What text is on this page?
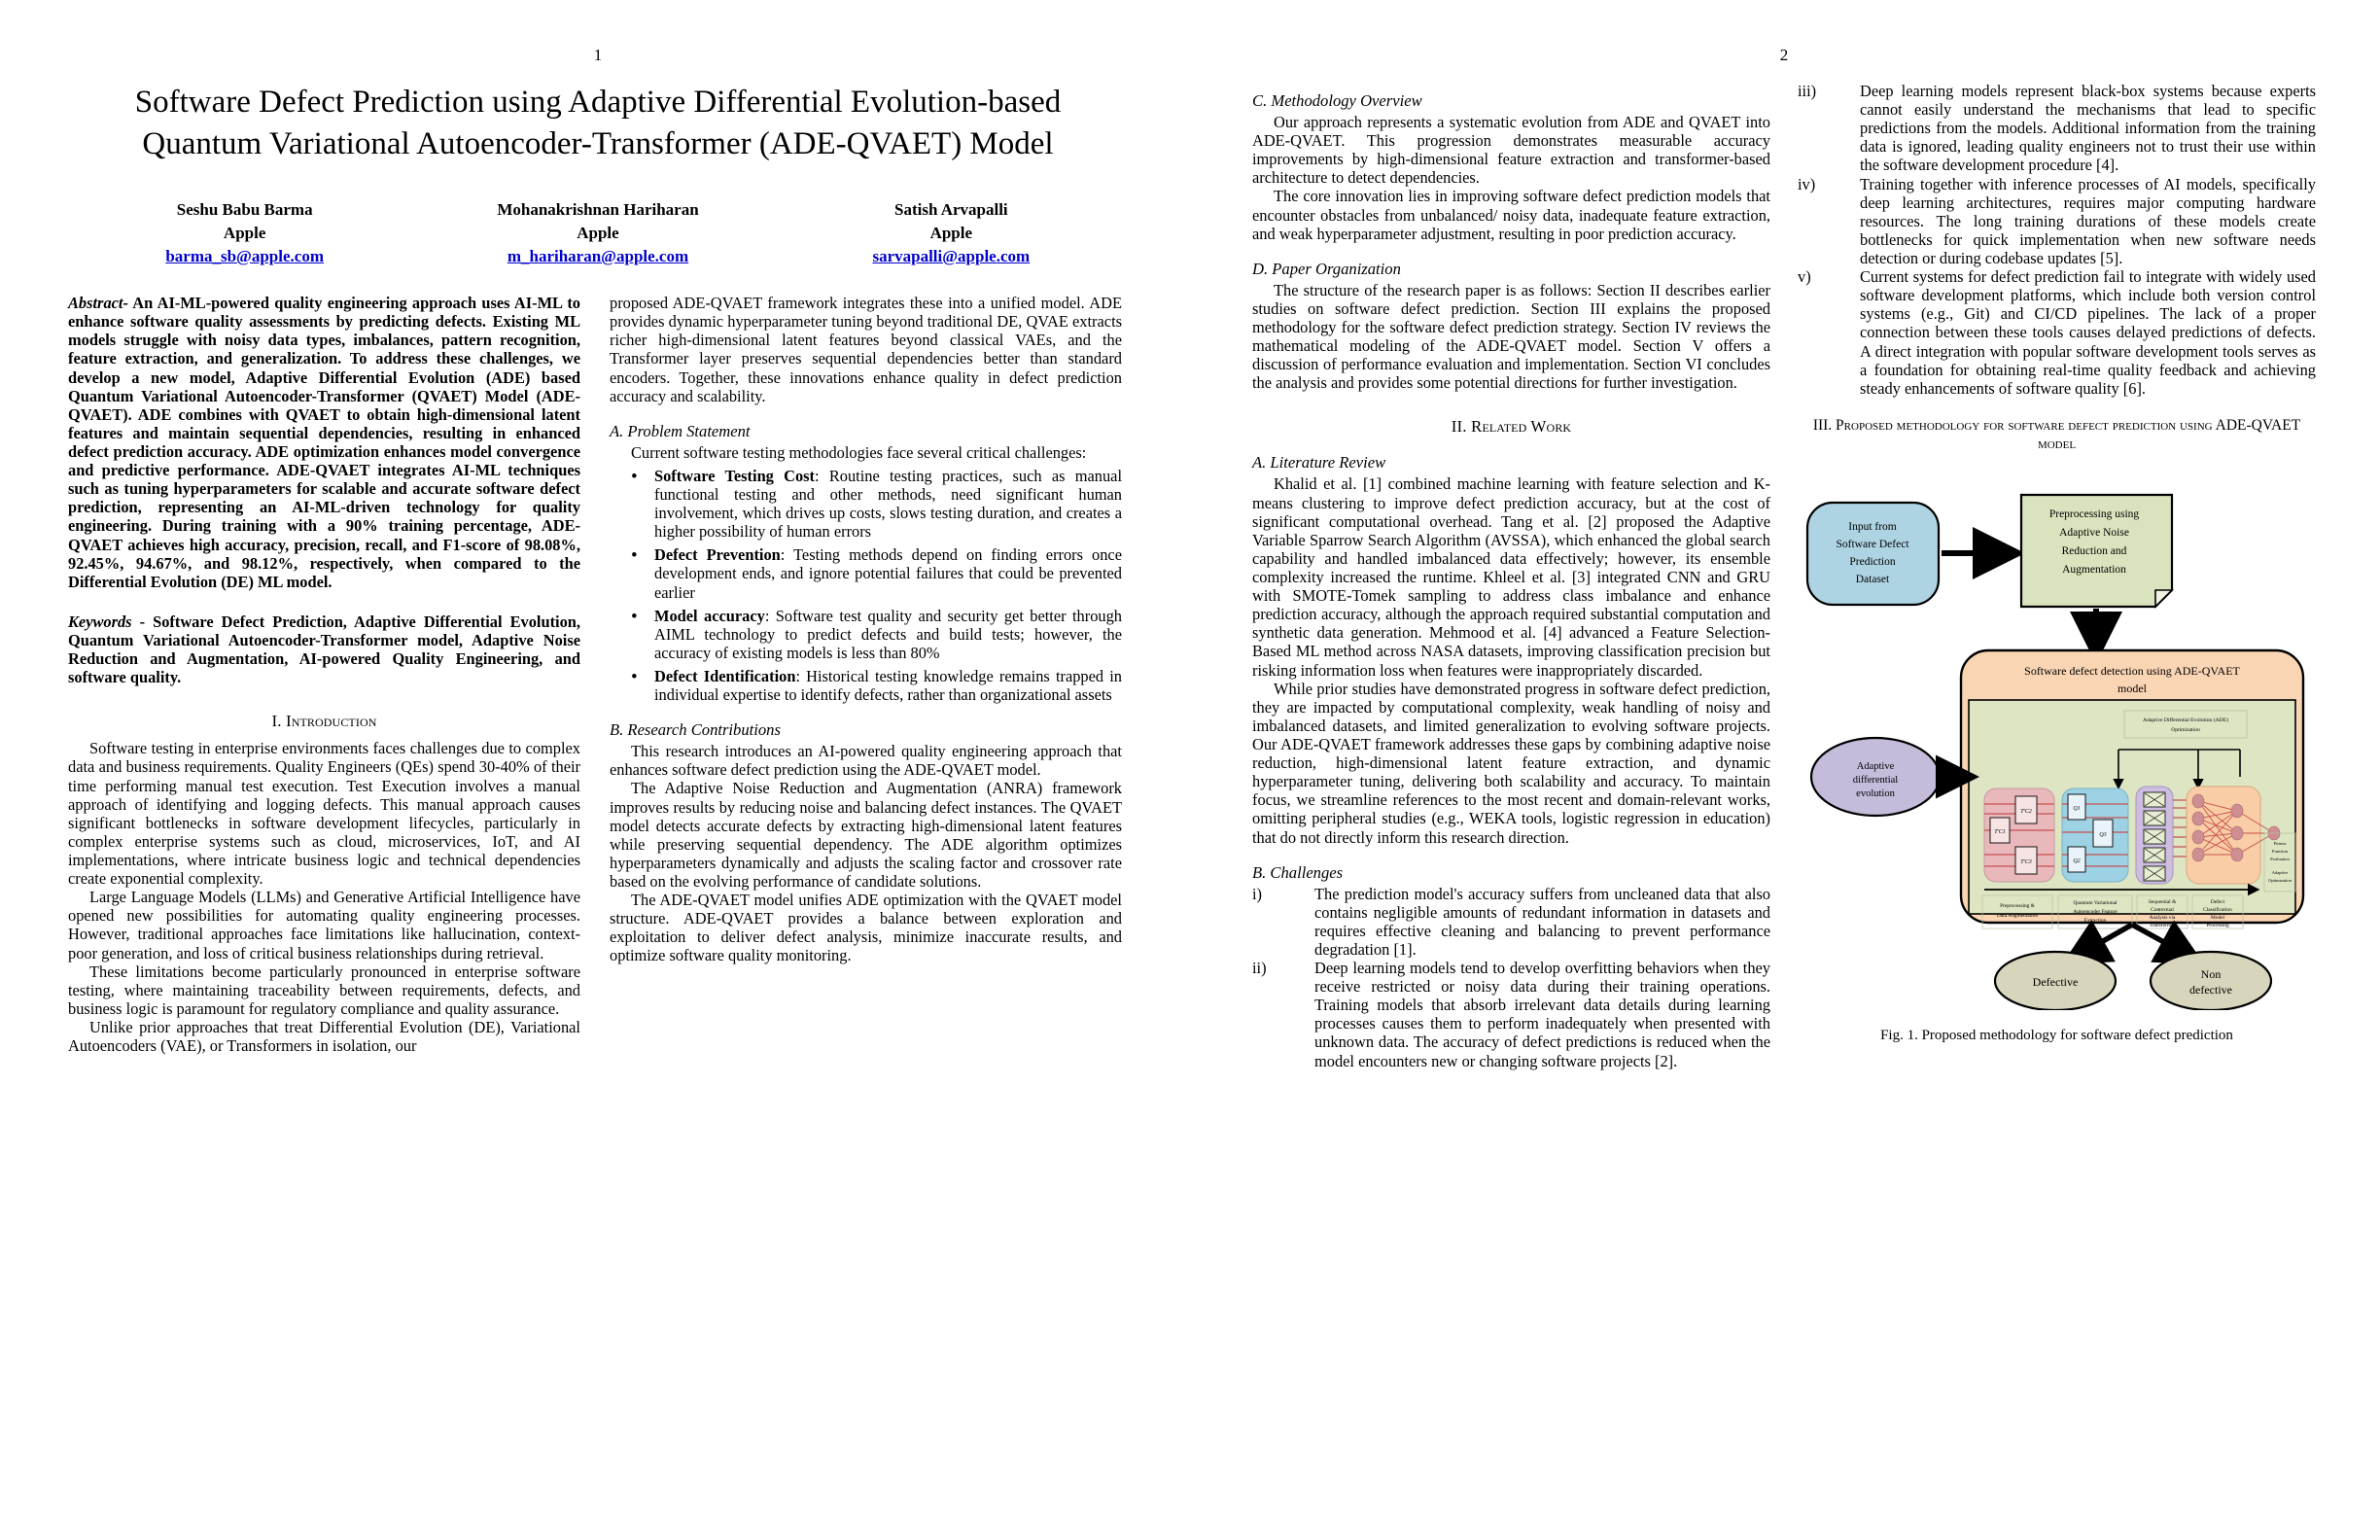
1
Software Defect Prediction using Adaptive Differential Evolution-based Quantum Variational Autoencoder-Transformer (ADE-QVAET) Model
Seshu Babu Barma
Apple
barma_sb@apple.com
Mohanakrishnan Hariharan
Apple
m_hariharan@apple.com
Satish Arvapalli
Apple
sarvapalli@apple.com

Abstract- An AI-ML-powered quality engineering approach uses AI-ML to enhance software quality assessments by predicting defects. Existing ML models struggle with noisy data types, imbalances, pattern recognition, feature extraction, and generalization. To address these challenges, we develop a new model, Adaptive Differential Evolution (ADE) based Quantum Variational Autoencoder-Transformer (QVAET) Model (ADE-QVAET). ADE combines with QVAET to obtain high-dimensional latent features and maintain sequential dependencies, resulting in enhanced defect prediction accuracy. ADE optimization enhances model convergence and predictive performance. ADE-QVAET integrates AI-ML techniques such as tuning hyperparameters for scalable and accurate software defect prediction, representing an AI-ML-driven technology for quality engineering. During training with a 90% training percentage, ADE-QVAET achieves high accuracy, precision, recall, and F1-score of 98.08%, 92.45%, 94.67%, and 98.12%, respectively, when compared to the Differential Evolution (DE) ML model.

Keywords - Software Defect Prediction, Adaptive Differential Evolution, Quantum Variational Autoencoder-Transformer model, Adaptive Noise Reduction and Augmentation, AI-powered Quality Engineering, and software quality.

I. Introduction

Software testing in enterprise environments faces challenges due to complex data and business requirements. Quality Engineers (QEs) spend 30-40% of their time performing manual test execution. Test Execution involves a manual approach of identifying and logging defects. This manual approach causes significant bottlenecks in software development lifecycles, particularly in complex enterprise systems such as cloud, microservices, IoT, and AI implementations, where intricate business logic and technical dependencies create exponential complexity.

Large Language Models (LLMs) and Generative Artificial Intelligence have opened new possibilities for automating quality engineering processes. However, traditional approaches face limitations like hallucination, context-poor generation, and loss of critical business relationships during retrieval.

These limitations become particularly pronounced in enterprise software testing, where maintaining traceability between requirements, defects, and business logic is paramount for regulatory compliance and quality assurance.

Unlike prior approaches that treat Differential Evolution (DE), Variational Autoencoders (VAE), or Transformers in isolation, our

proposed ADE-QVAET framework integrates these into a unified model. ADE provides dynamic hyperparameter tuning beyond traditional DE, QVAE extracts richer high-dimensional latent features beyond classical VAEs, and the Transformer layer preserves sequential dependencies better than standard encoders. Together, these innovations enhance quality in defect prediction accuracy and scalability.

A. Problem Statement

Current software testing methodologies face several critical challenges:

• Software Testing Cost: Routine testing practices, such as manual functional testing and other methods, need significant human involvement, which drives up costs, slows testing duration, and creates a higher possibility of human errors
• Defect Prevention: Testing methods depend on finding errors once development ends, and ignore potential failures that could be prevented earlier
• Model accuracy: Software test quality and security get better through AIML technology to predict defects and build tests; however, the accuracy of existing models is less than 80%
• Defect Identification: Historical testing knowledge remains trapped in individual expertise to identify defects, rather than organizational assets
B. Research Contributions

This research introduces an AI-powered quality engineering approach that enhances software defect prediction using the ADE-QVAET model.

The Adaptive Noise Reduction and Augmentation (ANRA) framework improves results by reducing noise and balancing defect instances. The QVAET model detects accurate defects by extracting high-dimensional latent features while preserving sequential dependency. The ADE algorithm optimizes hyperparameters dynamically and adjusts the scaling factor and crossover rate based on the evolving performance of candidate solutions.

The ADE-QVAET model unifies ADE optimization with the QVAET model structure. ADE-QVAET provides a balance between exploration and exploitation to deliver defect analysis, minimize inaccurate results, and optimize software quality monitoring.

2
C. Methodology Overview

Our approach represents a systematic evolution from ADE and QVAET into ADE-QVAET. This progression demonstrates measurable accuracy improvements by high-dimensional feature extraction and transformer-based architecture to detect dependencies.

The core innovation lies in improving software defect prediction models that encounter obstacles from unbalanced/ noisy data, inadequate feature extraction, and weak hyperparameter adjustment, resulting in poor prediction accuracy.

D. Paper Organization

The structure of the research paper is as follows: Section II describes earlier studies on software defect prediction. Section III explains the proposed methodology for the software defect prediction strategy. Section IV reviews the mathematical modeling of the ADE-QVAET model. Section V offers a discussion of performance evaluation and implementation. Section VI concludes the analysis and provides some potential directions for further investigation.

II. Related Work
A. Literature Review

Khalid et al. [1] combined machine learning with feature selection and K-means clustering to improve defect prediction accuracy, but at the cost of significant computational overhead. Tang et al. [2] proposed the Adaptive Variable Sparrow Search Algorithm (AVSSA), which enhanced the global search capability and handled imbalanced data effectively; however, its ensemble complexity increased the runtime. Khleel et al. [3] integrated CNN and GRU with SMOTE-Tomek sampling to address class imbalance and enhance prediction accuracy, although the approach required substantial computation and synthetic data generation. Mehmood et al. [4] advanced a Feature Selection-Based ML method across NASA datasets, improving classification precision but risking information loss when features were inappropriately discarded.

While prior studies have demonstrated progress in software defect prediction, they are impacted by computational complexity, weak handling of noisy and imbalanced datasets, and limited generalization to evolving software projects. Our ADE-QVAET framework addresses these gaps by combining adaptive noise reduction, high-dimensional latent feature extraction, and dynamic hyperparameter tuning, delivering both scalability and accuracy. To maintain focus, we streamline references to the most recent and domain-relevant works, omitting peripheral studies (e.g., WEKA tools, logistic regression in education) that do not directly inform this research direction.

B. Challenges
i)	The prediction model's accuracy suffers from uncleaned data that also contains negligible amounts of redundant information in datasets and requires effective cleaning and balancing to prevent performance degradation [1].
ii)	Deep learning models tend to develop overfitting behaviors when they receive restricted or noisy data during their training operations. Training models that absorb irrelevant data details during learning processes causes them to perform inadequately when presented with unknown data. The accuracy of defect predictions is reduced when the model encounters new or changing software projects [2].
iii)	Deep learning models represent black-box systems because experts cannot easily understand the mechanisms that lead to specific predictions from the models. Additional information from the training data is ignored, leading quality engineers not to trust their use within the software development procedure [4].
iv)	Training together with inference processes of AI models, specifically deep learning architectures, requires major computing hardware resources. The long training durations of these models create bottlenecks for quick implementation when new software needs detection or during codebase updates [5].
v)	Current systems for defect prediction fail to integrate with widely used software development platforms, which include both version control systems (e.g., Git) and CI/CD pipelines. The lack of a proper connection between these tools causes delayed predictions of defects. A direct integration with popular software development tools serves as a foundation for obtaining real-time quality feedback and achieving steady enhancements of software quality [6].
III. Proposed methodology for software defect prediction using ADE-QVAET model
Input from
Software Defect
Prediction
Dataset
Preprocessing using
Adaptive Noise
Reduction and
Augmentation
Software defect detection using ADE-QVAET
model
Adaptive Differential Evolution (ADE)
Optimization
T'C1
T'C2
T'C3
Q1
Q2
Q3
Fitness
Function
Evaluation
Adaptive
Optimization
Preprocessing &
Data Augmentation
Quantum Variational
Autoencoder Feature
Extraction
Sequential &
Contextual
Analysis via
Transformer
Defect
Classification
Model
Processing
Adaptive
differential
evolution
Defective
Non
defective
Fig. 1. Proposed methodology for software defect prediction
